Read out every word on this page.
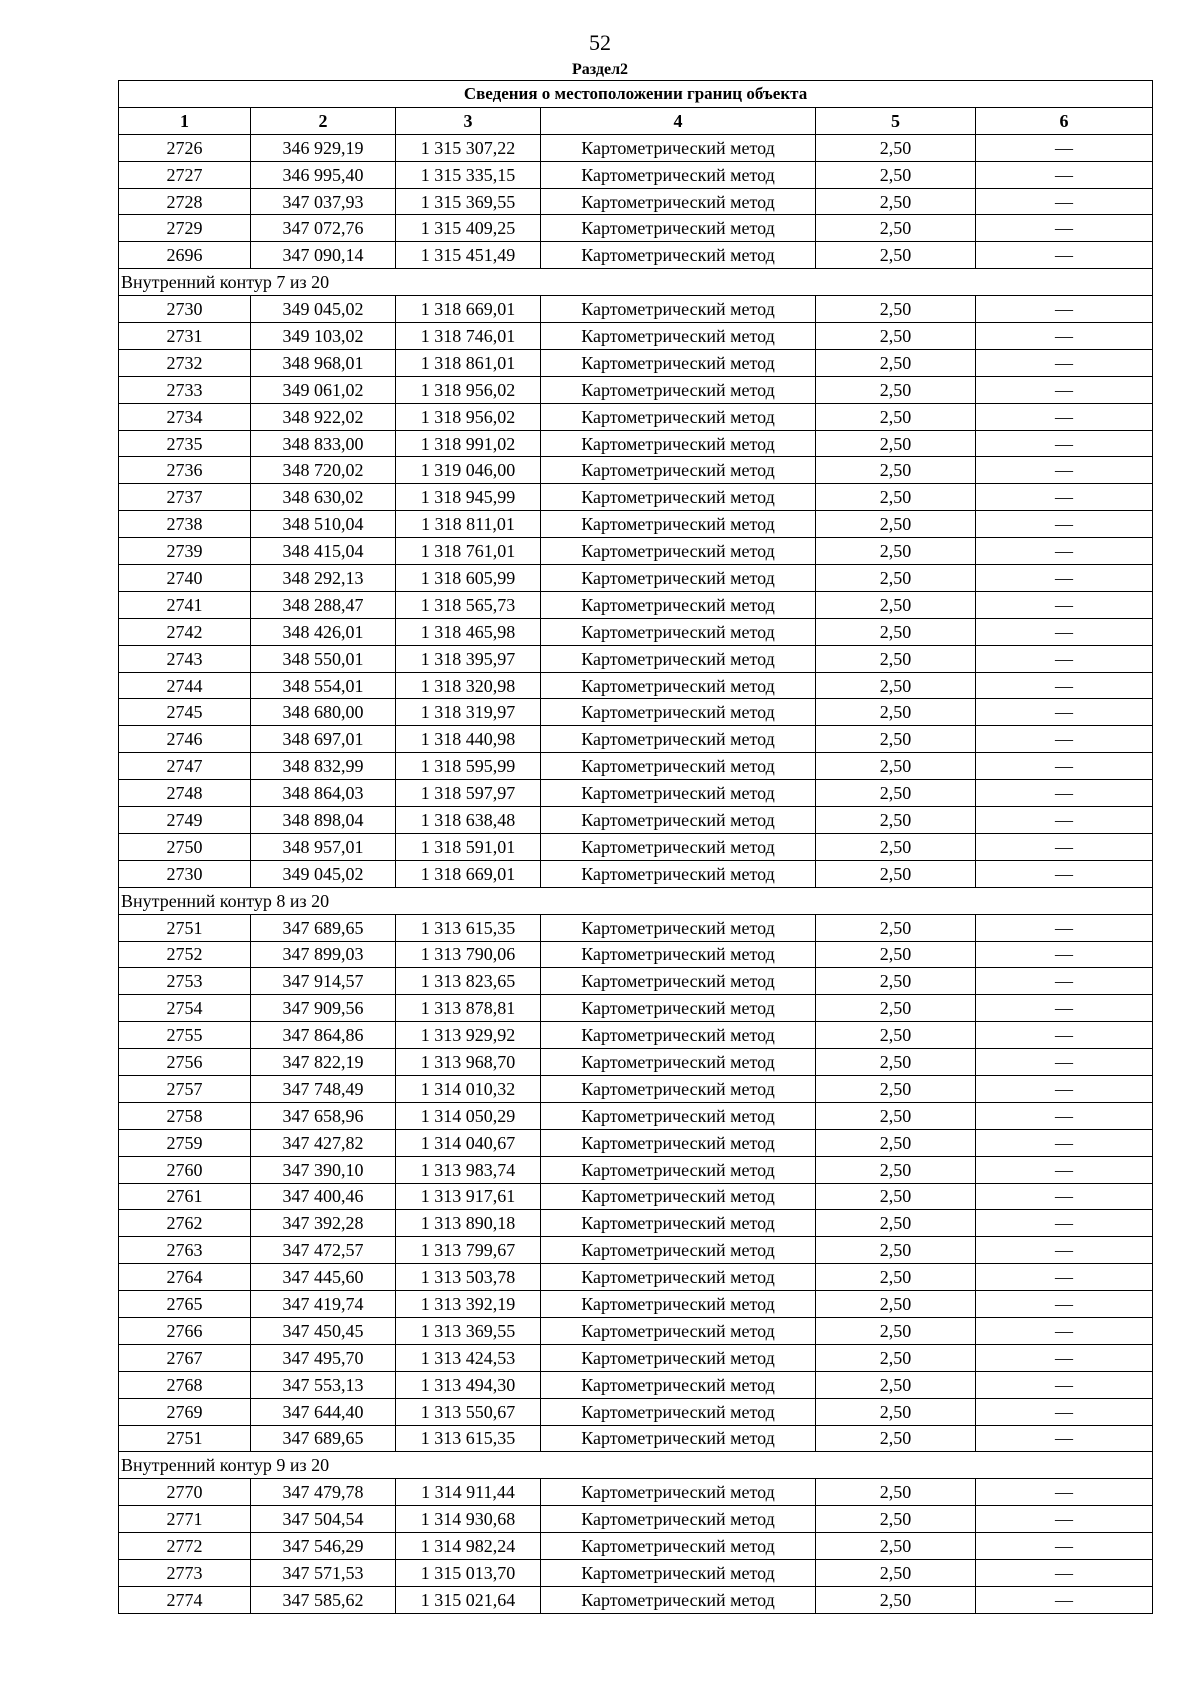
52
Раздел2
Сведения о местоположении границ объекта					
1	2	3	4	5	6
2726	346 929,19	1 315 307,22	Картометрический метод	2,50	—
2727	346 995,40	1 315 335,15	Картометрический метод	2,50	—
2728	347 037,93	1 315 369,55	Картометрический метод	2,50	—
2729	347 072,76	1 315 409,25	Картометрический метод	2,50	—
2696	347 090,14	1 315 451,49	Картометрический метод	2,50	—
Внутренний контур 7 из 20					
2730	349 045,02	1 318 669,01	Картометрический метод	2,50	—
2731	349 103,02	1 318 746,01	Картометрический метод	2,50	—
2732	348 968,01	1 318 861,01	Картометрический метод	2,50	—
2733	349 061,02	1 318 956,02	Картометрический метод	2,50	—
2734	348 922,02	1 318 956,02	Картометрический метод	2,50	—
2735	348 833,00	1 318 991,02	Картометрический метод	2,50	—
2736	348 720,02	1 319 046,00	Картометрический метод	2,50	—
2737	348 630,02	1 318 945,99	Картометрический метод	2,50	—
2738	348 510,04	1 318 811,01	Картометрический метод	2,50	—
2739	348 415,04	1 318 761,01	Картометрический метод	2,50	—
2740	348 292,13	1 318 605,99	Картометрический метод	2,50	—
2741	348 288,47	1 318 565,73	Картометрический метод	2,50	—
2742	348 426,01	1 318 465,98	Картометрический метод	2,50	—
2743	348 550,01	1 318 395,97	Картометрический метод	2,50	—
2744	348 554,01	1 318 320,98	Картометрический метод	2,50	—
2745	348 680,00	1 318 319,97	Картометрический метод	2,50	—
2746	348 697,01	1 318 440,98	Картометрический метод	2,50	—
2747	348 832,99	1 318 595,99	Картометрический метод	2,50	—
2748	348 864,03	1 318 597,97	Картометрический метод	2,50	—
2749	348 898,04	1 318 638,48	Картометрический метод	2,50	—
2750	348 957,01	1 318 591,01	Картометрический метод	2,50	—
2730	349 045,02	1 318 669,01	Картометрический метод	2,50	—
Внутренний контур 8 из 20					
2751	347 689,65	1 313 615,35	Картометрический метод	2,50	—
2752	347 899,03	1 313 790,06	Картометрический метод	2,50	—
2753	347 914,57	1 313 823,65	Картометрический метод	2,50	—
2754	347 909,56	1 313 878,81	Картометрический метод	2,50	—
2755	347 864,86	1 313 929,92	Картометрический метод	2,50	—
2756	347 822,19	1 313 968,70	Картометрический метод	2,50	—
2757	347 748,49	1 314 010,32	Картометрический метод	2,50	—
2758	347 658,96	1 314 050,29	Картометрический метод	2,50	—
2759	347 427,82	1 314 040,67	Картометрический метод	2,50	—
2760	347 390,10	1 313 983,74	Картометрический метод	2,50	—
2761	347 400,46	1 313 917,61	Картометрический метод	2,50	—
2762	347 392,28	1 313 890,18	Картометрический метод	2,50	—
2763	347 472,57	1 313 799,67	Картометрический метод	2,50	—
2764	347 445,60	1 313 503,78	Картометрический метод	2,50	—
2765	347 419,74	1 313 392,19	Картометрический метод	2,50	—
2766	347 450,45	1 313 369,55	Картометрический метод	2,50	—
2767	347 495,70	1 313 424,53	Картометрический метод	2,50	—
2768	347 553,13	1 313 494,30	Картометрический метод	2,50	—
2769	347 644,40	1 313 550,67	Картометрический метод	2,50	—
2751	347 689,65	1 313 615,35	Картометрический метод	2,50	—
Внутренний контур 9 из 20					
2770	347 479,78	1 314 911,44	Картометрический метод	2,50	—
2771	347 504,54	1 314 930,68	Картометрический метод	2,50	—
2772	347 546,29	1 314 982,24	Картометрический метод	2,50	—
2773	347 571,53	1 315 013,70	Картометрический метод	2,50	—
2774	347 585,62	1 315 021,64	Картометрический метод	2,50	—
